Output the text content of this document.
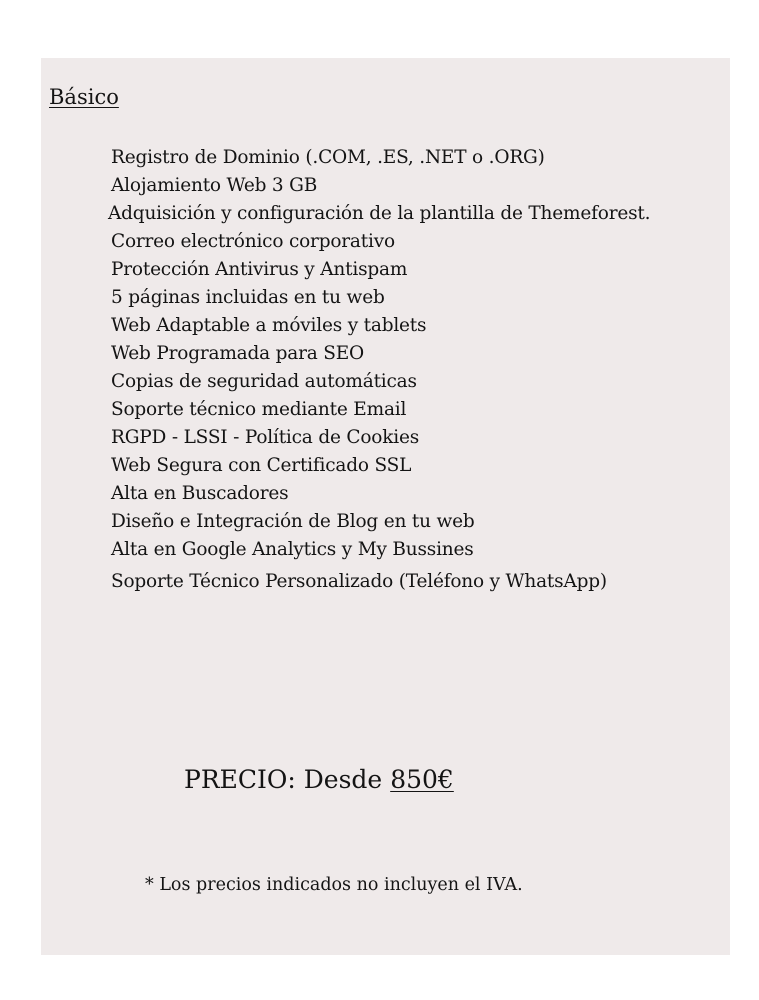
Básico
Registro de Dominio (.COM, .ES, .NET o .ORG)
Alojamiento Web 3 GB
Adquisición y configuración de la plantilla de Themeforest.
Correo electrónico corporativo
Protección Antivirus y Antispam
5 páginas incluidas en tu web
Web Adaptable a móviles y tablets
Web Programada para SEO
Copias de seguridad automáticas
Soporte técnico mediante Email
RGPD - LSSI - Política de Cookies
Web Segura con Certificado SSL
Alta en Buscadores
Diseño e Integración de Blog en tu web
Alta en Google Analytics y My Bussines
Soporte Técnico Personalizado (Teléfono y WhatsApp)
PRECIO: Desde 850€
* Los precios indicados no incluyen el IVA.
